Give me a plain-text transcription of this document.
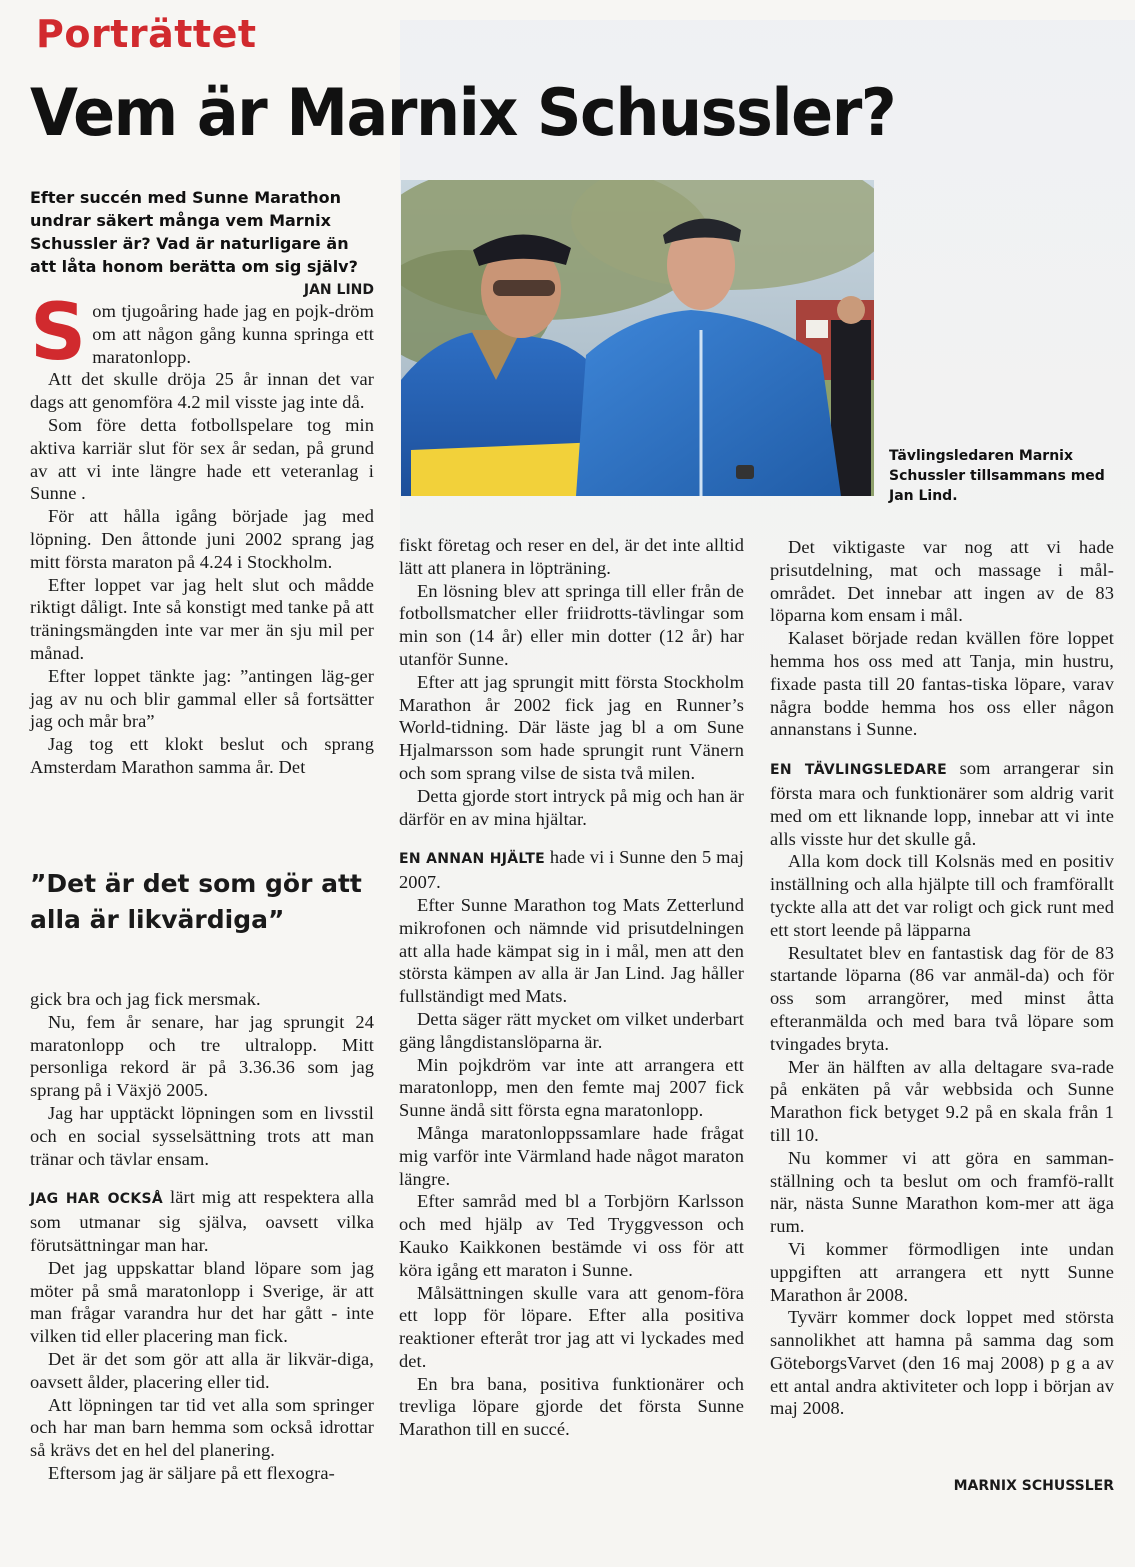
Porträttet
Vem är Marnix Schussler?
Efter succén med Sunne Marathon undrar säkert många vem Marnix Schussler är? Vad är naturligare än att låta honom berätta om sig själv?
JAN LIND
Tävlingsledaren Marnix Schussler tillsammans med Jan Lind.

Som tjugoåring hade jag en pojk-dröm om att någon gång kunna springa ett maratonlopp.

Att det skulle dröja 25 år innan det var dags att genomföra 4.2 mil visste jag inte då.

Som före detta fotbollspelare tog min aktiva karriär slut för sex år sedan, på grund av att vi inte längre hade ett veteranlag i Sunne .

För att hålla igång började jag med löpning. Den åttonde juni 2002 sprang jag mitt första maraton på 4.24 i Stockholm.

Efter loppet var jag helt slut och mådde riktigt dåligt. Inte så konstigt med tanke på att träningsmängden inte var mer än sju mil per månad.

Efter loppet tänkte jag: ”antingen läg-ger jag av nu och blir gammal eller så fortsätter jag och mår bra”

Jag tog ett klokt beslut och sprang Amsterdam Marathon samma år. Det

”Det är det som gör att alla är likvärdiga”

gick bra och jag fick mersmak.

Nu, fem år senare, har jag sprungit 24 maratonlopp och tre ultralopp. Mitt personliga rekord är på 3.36.36 som jag sprang på i Växjö 2005.

Jag har upptäckt löpningen som en livsstil och en social sysselsättning trots att man tränar och tävlar ensam.

JAG HAR OCKSÅ lärt mig att respektera alla som utmanar sig själva, oavsett vilka förutsättningar man har.

Det jag uppskattar bland löpare som jag möter på små maratonlopp i Sverige, är att man frågar varandra hur det har gått - inte vilken tid eller placering man fick.

Det är det som gör att alla är likvär-diga, oavsett ålder, placering eller tid.

Att löpningen tar tid vet alla som springer och har man barn hemma som också idrottar så krävs det en hel del planering.

Eftersom jag är säljare på ett flexogra-

fiskt företag och reser en del, är det inte alltid lätt att planera in löpträning.

En lösning blev att springa till eller från de fotbollsmatcher eller friidrotts-tävlingar som min son (14 år) eller min dotter (12 år) har utanför Sunne.

Efter att jag sprungit mitt första Stockholm Marathon år 2002 fick jag en Runner’s World-tidning. Där läste jag bl a om Sune Hjalmarsson som hade sprungit runt Vänern och som sprang vilse de sista två milen.

Detta gjorde stort intryck på mig och han är därför en av mina hjältar.

EN ANNAN HJÄLTE hade vi i Sunne den 5 maj 2007.

Efter Sunne Marathon tog Mats Zetterlund mikrofonen och nämnde vid prisutdelningen att alla hade kämpat sig in i mål, men att den största kämpen av alla är Jan Lind. Jag håller fullständigt med Mats.

Detta säger rätt mycket om vilket underbart gäng långdistanslöparna är.

Min pojkdröm var inte att arrangera ett maratonlopp, men den femte maj 2007 fick Sunne ändå sitt första egna maratonlopp.

Många maratonloppssamlare hade frågat mig varför inte Värmland hade något maraton längre.

Efter samråd med bl a Torbjörn Karlsson och med hjälp av Ted Tryggvesson och Kauko Kaikkonen bestämde vi oss för att köra igång ett maraton i Sunne.

Målsättningen skulle vara att genom-föra ett lopp för löpare. Efter alla positiva reaktioner efteråt tror jag att vi lyckades med det.

En bra bana, positiva funktionärer och trevliga löpare gjorde det första Sunne Marathon till en succé.

Det viktigaste var nog att vi hade prisutdelning, mat och massage i mål-området. Det innebar att ingen av de 83 löparna kom ensam i mål.

Kalaset började redan kvällen före loppet hemma hos oss med att Tanja, min hustru, fixade pasta till 20 fantas-tiska löpare, varav några bodde hemma hos oss eller någon annanstans i Sunne.

EN TÄVLINGSLEDARE som arrangerar sin första mara och funktionärer som aldrig varit med om ett liknande lopp, innebar att vi inte alls visste hur det skulle gå.

Alla kom dock till Kolsnäs med en positiv inställning och alla hjälpte till och framförallt tyckte alla att det var roligt och gick runt med ett stort leende på läpparna

Resultatet blev en fantastisk dag för de 83 startande löparna (86 var anmäl-da) och för oss som arrangörer, med minst åtta efteranmälda och med bara två löpare som tvingades bryta.

Mer än hälften av alla deltagare sva-rade på enkäten på vår webbsida och Sunne Marathon fick betyget 9.2 på en skala från 1 till 10.

Nu kommer vi att göra en samman-ställning och ta beslut om och framfö-rallt när, nästa Sunne Marathon kom-mer att äga rum.

Vi kommer förmodligen inte undan uppgiften att arrangera ett nytt Sunne Marathon år 2008.

Tyvärr kommer dock loppet med största sannolikhet att hamna på samma dag som GöteborgsVarvet (den 16 maj 2008) p g a av ett antal andra aktiviteter och lopp i början av maj 2008.

MARNIX SCHUSSLER
